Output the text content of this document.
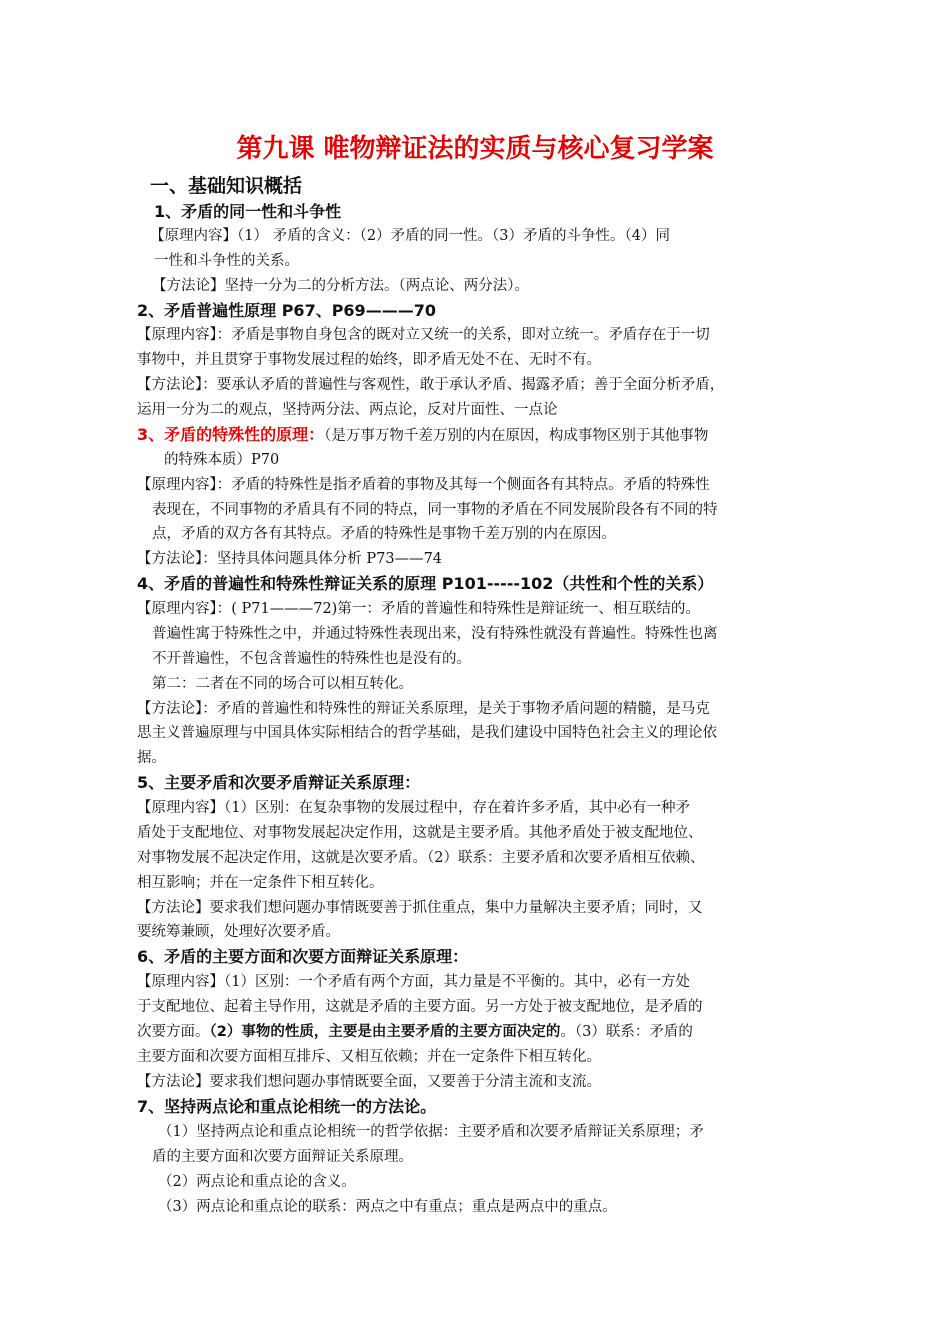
第九课 唯物辩证法的实质与核心复习学案
一、基础知识概括
1、矛盾的同一性和斗争性
【原理内容】（1） 矛盾的含义：（2）矛盾的同一性。（3）矛盾的斗争性。（4）同
一性和斗争性的关系。
【方法论】坚持一分为二的分析方法。（两点论、两分法）。
2、矛盾普遍性原理 P67、P69———70
【原理内容】：矛盾是事物自身包含的既对立又统一的关系，即对立统一。矛盾存在于一切
事物中，并且贯穿于事物发展过程的始终，即矛盾无处不在、无时不有。
【方法论】：要承认矛盾的普遍性与客观性，敢于承认矛盾、揭露矛盾；善于全面分析矛盾，
运用一分为二的观点，坚持两分法、两点论，反对片面性、一点论
3、矛盾的特殊性的原理：（是万事万物千差万别的内在原因，构成事物区别于其他事物
的特殊本质）P70
【原理内容】：矛盾的特殊性是指矛盾着的事物及其每一个侧面各有其特点。矛盾的特殊性
表现在，不同事物的矛盾具有不同的特点，同一事物的矛盾在不同发展阶段各有不同的特
点，矛盾的双方各有其特点。矛盾的特殊性是事物千差万别的内在原因。
【方法论】：坚持具体问题具体分析 P73——74
4、矛盾的普遍性和特殊性辩证关系的原理 P101-----102（共性和个性的关系）
【原理内容】：( P71———72)第一：矛盾的普遍性和特殊性是辩证统一、相互联结的。
普遍性寓于特殊性之中，并通过特殊性表现出来，没有特殊性就没有普遍性。特殊性也离
不开普遍性，不包含普遍性的特殊性也是没有的。
第二：二者在不同的场合可以相互转化。
【方法论】：矛盾的普遍性和特殊性的辩证关系原理，是关于事物矛盾问题的精髓，是马克
思主义普遍原理与中国具体实际相结合的哲学基础，是我们建设中国特色社会主义的理论依
据。
5、主要矛盾和次要矛盾辩证关系原理：
【原理内容】（1）区别：在复杂事物的发展过程中，存在着许多矛盾，其中必有一种矛
盾处于支配地位、对事物发展起决定作用，这就是主要矛盾。其他矛盾处于被支配地位、
对事物发展不起决定作用，这就是次要矛盾。（2）联系：主要矛盾和次要矛盾相互依赖、
相互影响；并在一定条件下相互转化。
【方法论】要求我们想问题办事情既要善于抓住重点，集中力量解决主要矛盾；同时，又
要统筹兼顾，处理好次要矛盾。
6、矛盾的主要方面和次要方面辩证关系原理：
【原理内容】（1）区别：一个矛盾有两个方面，其力量是不平衡的。其中，必有一方处
于支配地位、起着主导作用，这就是矛盾的主要方面。另一方处于被支配地位，是矛盾的
次要方面。（2）事物的性质，主要是由主要矛盾的主要方面决定的。（3）联系：矛盾的
主要方面和次要方面相互排斥、又相互依赖；并在一定条件下相互转化。
【方法论】要求我们想问题办事情既要全面，又要善于分清主流和支流。
7、坚持两点论和重点论相统一的方法论。
（1）坚持两点论和重点论相统一的哲学依据：主要矛盾和次要矛盾辩证关系原理；矛
盾的主要方面和次要方面辩证关系原理。
（2）两点论和重点论的含义。
（3）两点论和重点论的联系：两点之中有重点；重点是两点中的重点。
